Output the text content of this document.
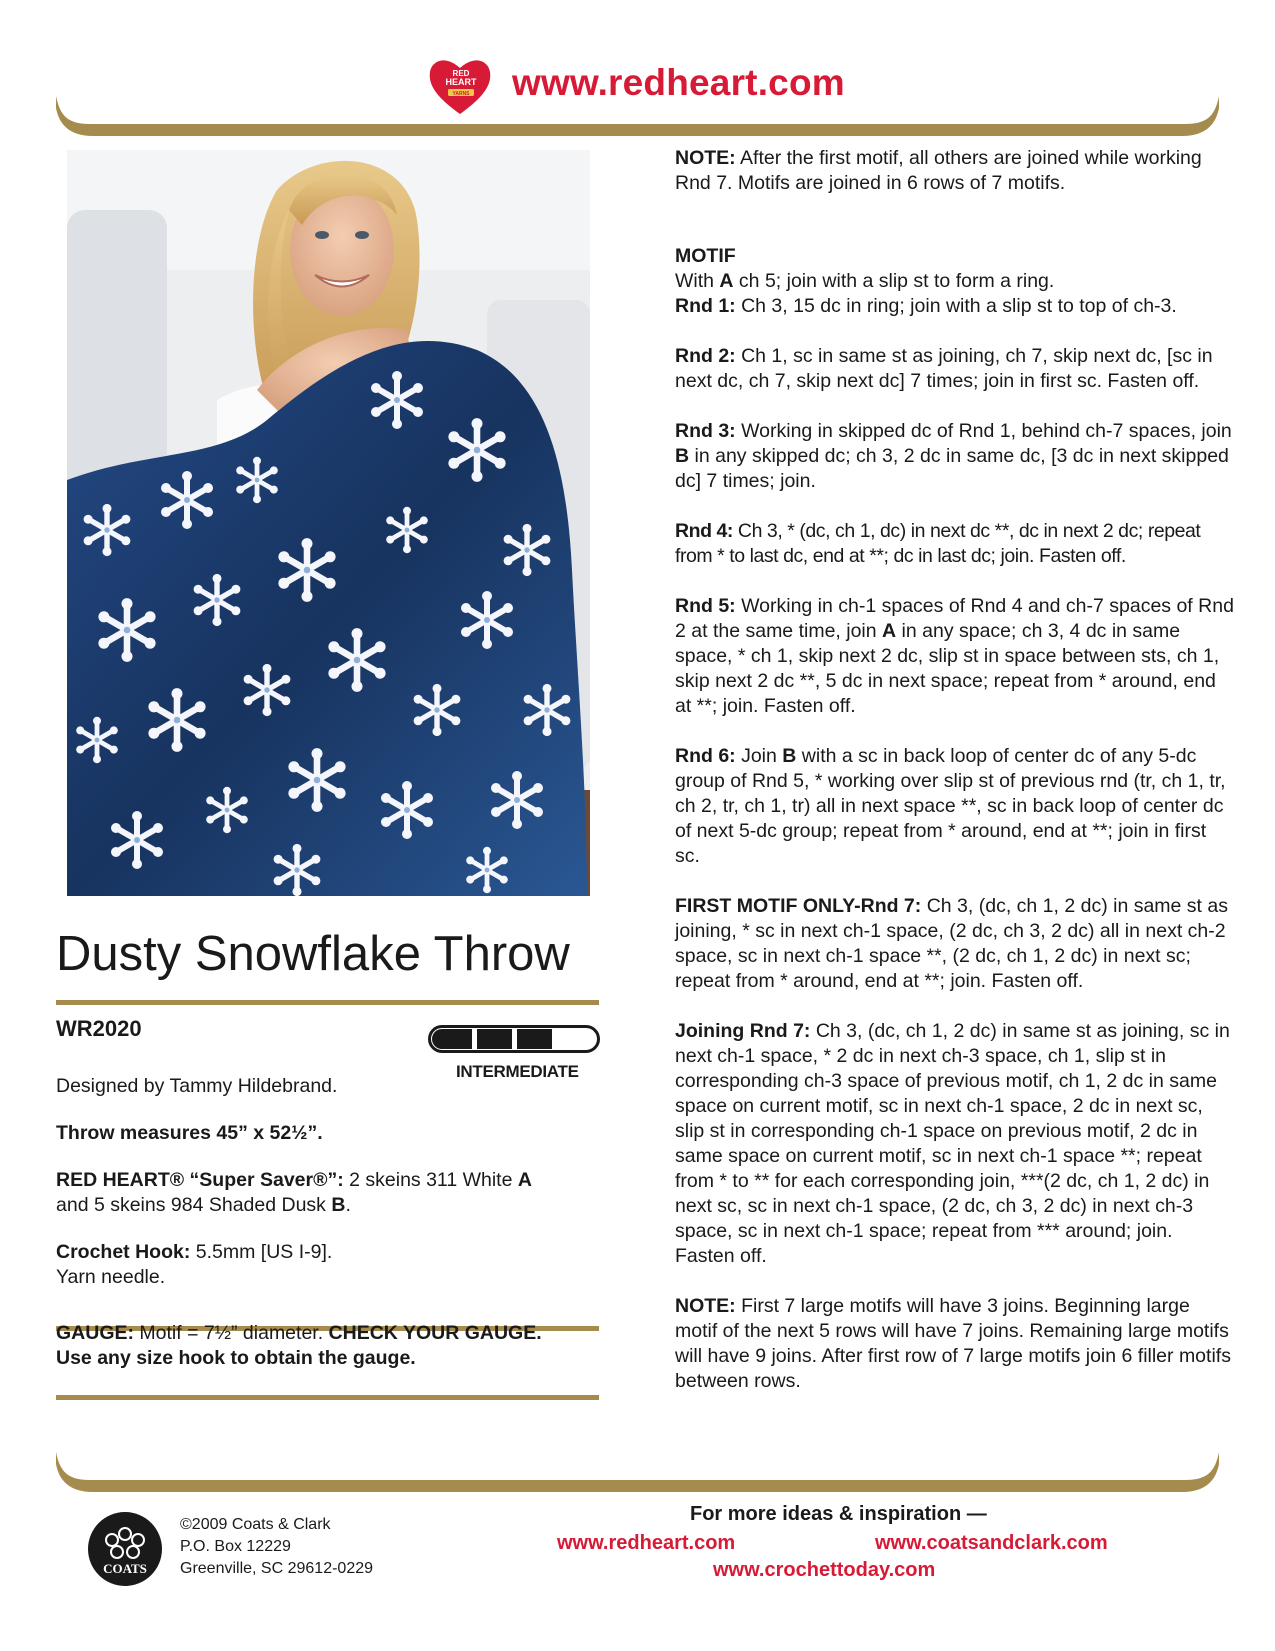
RED
HEART
YARNS www.redheart.com
Dusty Snowflake Throw
WR2020
INTERMEDIATE
Designed by Tammy Hildebrand.
Throw measures 45” x 52½”.
RED HEART® “Super Saver®”: 2 skeins 311 White A
and 5 skeins 984 Shaded Dusk B.
Crochet Hook: 5.5mm [US I-9].
Yarn needle.
GAUGE: Motif = 7½” diameter. CHECK YOUR GAUGE.
Use any size hook to obtain the gauge.

NOTE: After the first motif, all others are joined while working Rnd 7. Motifs are joined in 6 rows of 7 motifs.

MOTIF

With A ch 5; join with a slip st to form a ring.

Rnd 1: Ch 3, 15 dc in ring; join with a slip st to top of ch-3.

Rnd 2: Ch 1, sc in same st as joining, ch 7, skip next dc, [sc in next dc, ch 7, skip next dc] 7 times; join in first sc. Fasten off.

Rnd 3: Working in skipped dc of Rnd 1, behind ch-7 spaces, join B in any skipped dc; ch 3, 2 dc in same dc, [3 dc in next skipped dc] 7 times; join.

Rnd 4: Ch 3, * (dc, ch 1, dc) in next dc **, dc in next 2 dc; repeat from * to last dc, end at **; dc in last dc; join. Fasten off.

Rnd 5: Working in ch-1 spaces of Rnd 4 and ch-7 spaces of Rnd 2 at the same time, join A in any space; ch 3, 4 dc in same space, * ch 1, skip next 2 dc, slip st in space between sts, ch 1, skip next 2 dc **, 5 dc in next space; repeat from * around, end at **; join. Fasten off.

Rnd 6: Join B with a sc in back loop of center dc of any 5-dc group of Rnd 5, * working over slip st of previous rnd (tr, ch 1, tr, ch 2, tr, ch 1, tr) all in next space **, sc in back loop of center dc of next 5-dc group; repeat from * around, end at **; join in first sc.

FIRST MOTIF ONLY-Rnd 7: Ch 3, (dc, ch 1, 2 dc) in same st as joining, * sc in next ch-1 space, (2 dc, ch 3, 2 dc) all in next ch-2 space, sc in next ch-1 space **, (2 dc, ch 1, 2 dc) in next sc; repeat from * around, end at **; join. Fasten off.

Joining Rnd 7: Ch 3, (dc, ch 1, 2 dc) in same st as joining, sc in next ch-1 space, * 2 dc in next ch-3 space, ch 1, slip st in corresponding ch-3 space of previous motif, ch 1, 2 dc in same space on current motif, sc in next ch-1 space, 2 dc in next sc, slip st in corresponding ch-1 space on previous motif, 2 dc in same space on current motif, sc in next ch-1 space **; repeat from * to ** for each corresponding join, ***(2 dc, ch 1, 2 dc) in next sc, sc in next ch-1 space, (2 dc, ch 3, 2 dc) in next ch-3 space, sc in next ch-1 space; repeat from *** around; join. Fasten off.

NOTE: First 7 large motifs will have 3 joins. Beginning large motif of the next 5 rows will have 7 joins. Remaining large motifs will have 9 joins. After first row of 7 large motifs join 6 filler motifs between rows.

COATS
©2009 Coats & Clark
P.O. Box 12229
Greenville, SC 29612-0229
For more ideas & inspiration —
www.redheart.com	www.coatsandclark.com
www.crochettoday.com
